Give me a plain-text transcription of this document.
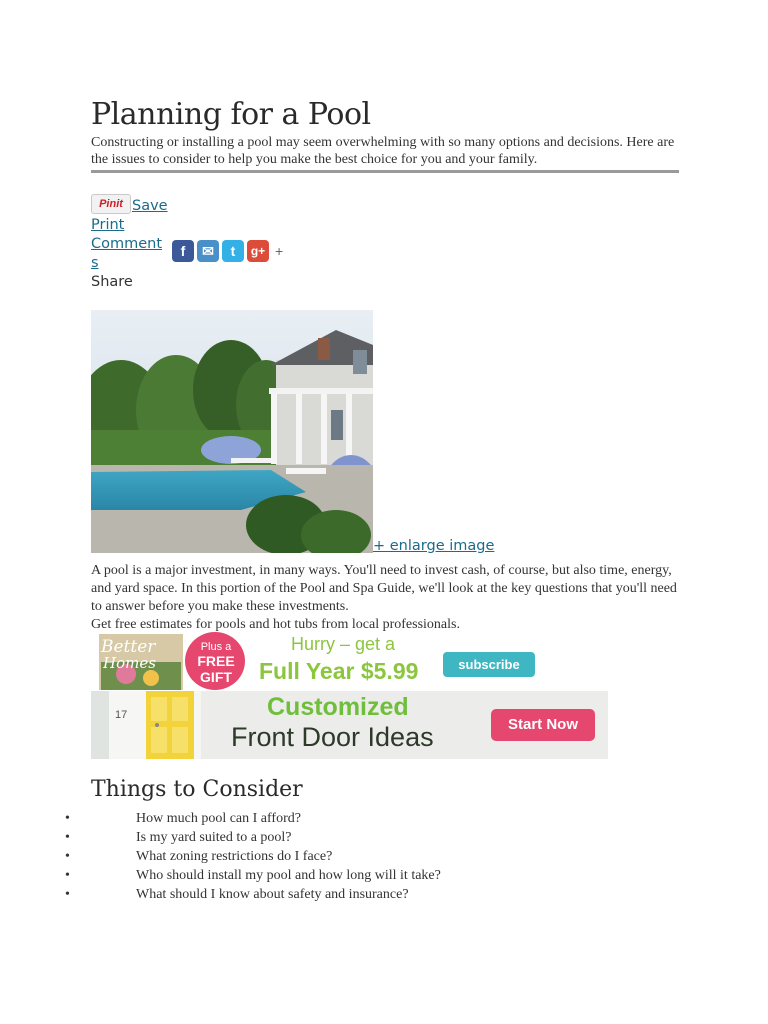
Planning for a Pool

Constructing or installing a pool may seem overwhelming with so many options and decisions. Here are the issues to consider to help you make the best choice for you and your family.

Pinit Save
Print
Comment
s
f	✉	t	g+ +
Share
+ enlarge image
A pool is a major investment, in many ways. You'll need to invest cash, of course, but also time, energy, and yard space. In this portion of the Pool and Spa Guide, we'll look at the key questions that you'll need to answer before you make these investments.
Get free estimates for pools and hot tubs from local professionals.
Better
Homes
Plus a
FREE
GIFT
Hurry – get a
Full Year $5.99	subscribe
17	Customized
Front Door Ideas	Start Now
Things to Consider
•	How much pool can I afford?
•	Is my yard suited to a pool?
•	What zoning restrictions do I face?
•	Who should install my pool and how long will it take?
•	What should I know about safety and insurance?
